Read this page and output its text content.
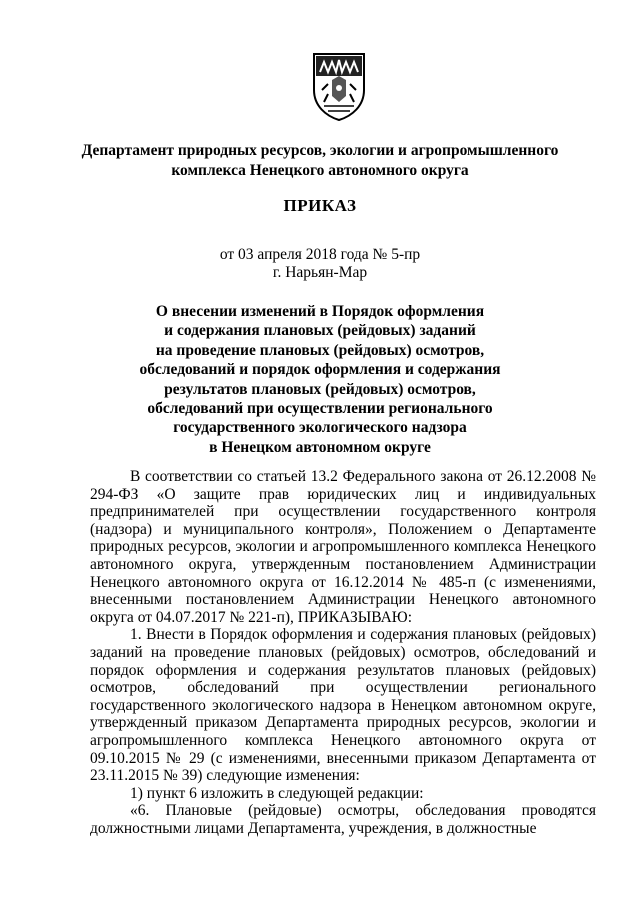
Департамент природных ресурсов, экологии и агропромышленного
комплекса Ненецкого автономного округа
ПРИКАЗ
от 03 апреля 2018 года № 5-пр
г. Нарьян-Мар
О внесении изменений в Порядок оформления
и содержания плановых (рейдовых) заданий
на проведение плановых (рейдовых) осмотров,
обследований и порядок оформления и содержания
результатов плановых (рейдовых) осмотров,
обследований при осуществлении регионального
государственного экологического надзора
в Ненецком автономном округе

В соответствии со статьей 13.2 Федерального закона от 26.12.2008 № 294-ФЗ «О защите прав юридических лиц и индивидуальных предпринимателей при осуществлении государственного контроля (надзора) и муниципального контроля», Положением о Департаменте природных ресурсов, экологии и агропромышленного комплекса Ненецкого автономного округа, утвержденным постановлением Администрации Ненецкого автономного округа от 16.12.2014 № 485-п (с изменениями, внесенными постановлением Администрации Ненецкого автономного округа от 04.07.2017 № 221-п), ПРИКАЗЫВАЮ:

1. Внести в Порядок оформления и содержания плановых (рейдовых) заданий на проведение плановых (рейдовых) осмотров, обследований и порядок оформления и содержания результатов плановых (рейдовых) осмотров, обследований при осуществлении регионального государственного экологического надзора в Ненецком автономном округе, утвержденный приказом Департамента природных ресурсов, экологии и агропромышленного комплекса Ненецкого автономного округа от 09.10.2015 № 29 (с изменениями, внесенными приказом Департамента от 23.11.2015 № 39) следующие изменения:

1) пункт 6 изложить в следующей редакции:

«6. Плановые (рейдовые) осмотры, обследования проводятся должностными лицами Департамента, учреждения, в должностные
